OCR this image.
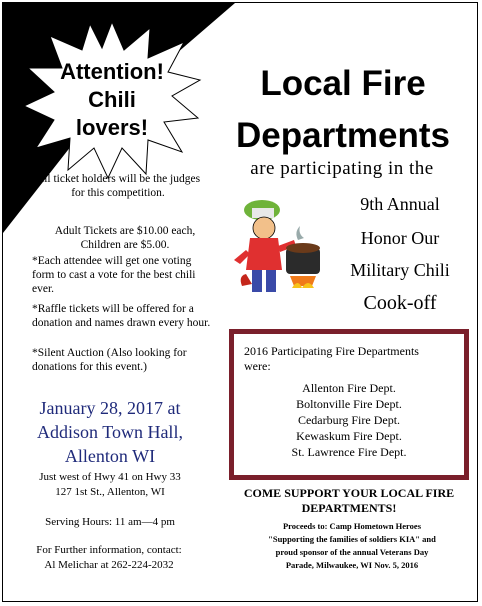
Attention!
Chili
lovers!
Local Fire
Departments
are participating in the
9th Annual
Honor Our
Military Chili
Cook-off
All ticket holders will be the judges for this competition.
Adult Tickets are $10.00 each, Children are $5.00.
*Each attendee will get one voting form to cast a vote for the best chili ever.
*Raffle tickets will be offered for a donation and names drawn every hour.
*Silent Auction (Also looking for donations for this event.)
January 28, 2017 at
Addison Town Hall,
Allenton WI
Just west of Hwy 41 on Hwy 33
127 1st St., Allenton, WI
Serving Hours: 11 am—4 pm
For Further information, contact:
Al Melichar at 262-224-2032
2016 Participating Fire Departments were:
Allenton Fire Dept.
Boltonville Fire Dept.
Cedarburg Fire Dept.
Kewaskum Fire Dept.
St. Lawrence Fire Dept.
COME SUPPORT YOUR LOCAL FIRE DEPARTMENTS!
Proceeds to: Camp Hometown Heroes
"Supporting the families of soldiers KIA" and
proud sponsor of the annual Veterans Day
Parade, Milwaukee, WI Nov. 5, 2016
